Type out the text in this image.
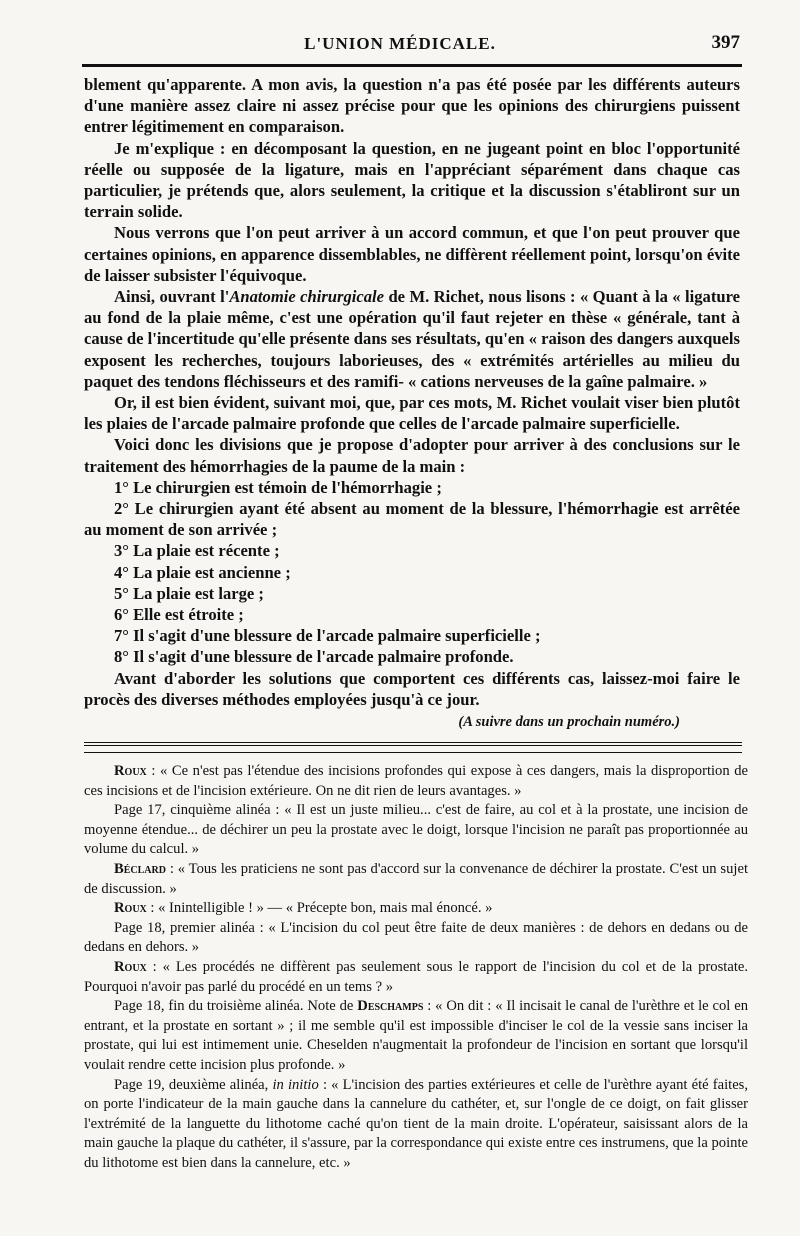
L'UNION MÉDICALE.	397

blement qu'apparente. A mon avis, la question n'a pas été posée par les différents auteurs d'une manière assez claire ni assez précise pour que les opinions des chirurgiens puissent entrer légitimement en comparaison.

Je m'explique : en décomposant la question, en ne jugeant point en bloc l'opportunité réelle ou supposée de la ligature, mais en l'appréciant séparément dans chaque cas particulier, je prétends que, alors seulement, la critique et la discussion s'établiront sur un terrain solide.

Nous verrons que l'on peut arriver à un accord commun, et que l'on peut prouver que certaines opinions, en apparence dissemblables, ne diffèrent réellement point, lorsqu'on évite de laisser subsister l'équivoque.

Ainsi, ouvrant l'Anatomie chirurgicale de M. Richet, nous lisons : « Quant à la « ligature au fond de la plaie même, c'est une opération qu'il faut rejeter en thèse « générale, tant à cause de l'incertitude qu'elle présente dans ses résultats, qu'en « raison des dangers auxquels exposent les recherches, toujours laborieuses, des « extrémités artérielles au milieu du paquet des tendons fléchisseurs et des ramifi- « cations nerveuses de la gaîne palmaire. »

Or, il est bien évident, suivant moi, que, par ces mots, M. Richet voulait viser bien plutôt les plaies de l'arcade palmaire profonde que celles de l'arcade palmaire superficielle.

Voici donc les divisions que je propose d'adopter pour arriver à des conclusions sur le traitement des hémorrhagies de la paume de la main :

1° Le chirurgien est témoin de l'hémorrhagie ;
2° Le chirurgien ayant été absent au moment de la blessure, l'hémorrhagie est arrêtée au moment de son arrivée ;
3° La plaie est récente ;
4° La plaie est ancienne ;
5° La plaie est large ;
6° Elle est étroite ;
7° Il s'agit d'une blessure de l'arcade palmaire superficielle ;
8° Il s'agit d'une blessure de l'arcade palmaire profonde.

Avant d'aborder les solutions que comportent ces différents cas, laissez-moi faire le procès des diverses méthodes employées jusqu'à ce jour.

(A suivre dans un prochain numéro.)

Roux : « Ce n'est pas l'étendue des incisions profondes qui expose à ces dangers, mais la disproportion de ces incisions et de l'incision extérieure. On ne dit rien de leurs avantages. »

Page 17, cinquième alinéa : « Il est un juste milieu... c'est de faire, au col et à la prostate, une incision de moyenne étendue... de déchirer un peu la prostate avec le doigt, lorsque l'incision ne paraît pas proportionnée au volume du calcul. »

Béclard : « Tous les praticiens ne sont pas d'accord sur la convenance de déchirer la prostate. C'est un sujet de discussion. »

Roux : « Inintelligible ! » — « Précepte bon, mais mal énoncé. »

Page 18, premier alinéa : « L'incision du col peut être faite de deux manières : de dehors en dedans ou de dedans en dehors. »

Roux : « Les procédés ne diffèrent pas seulement sous le rapport de l'incision du col et de la prostate. Pourquoi n'avoir pas parlé du procédé en un tems ? »

Page 18, fin du troisième alinéa. Note de Deschamps : « On dit : « Il incisait le canal de l'urèthre et le col en entrant, et la prostate en sortant » ; il me semble qu'il est impossible d'inciser le col de la vessie sans inciser la prostate, qui lui est intimement unie. Cheselden n'augmentait la profondeur de l'incision en sortant que lorsqu'il voulait rendre cette incision plus profonde. »

Page 19, deuxième alinéa, in initio : « L'incision des parties extérieures et celle de l'urèthre ayant été faites, on porte l'indicateur de la main gauche dans la cannelure du cathéter, et, sur l'ongle de ce doigt, on fait glisser l'extrémité de la languette du lithotome caché qu'on tient de la main droite. L'opérateur, saisissant alors de la main gauche la plaque du cathéter, il s'assure, par la correspondance qui existe entre ces instrumens, que la pointe du lithotome est bien dans la cannelure, etc. »
